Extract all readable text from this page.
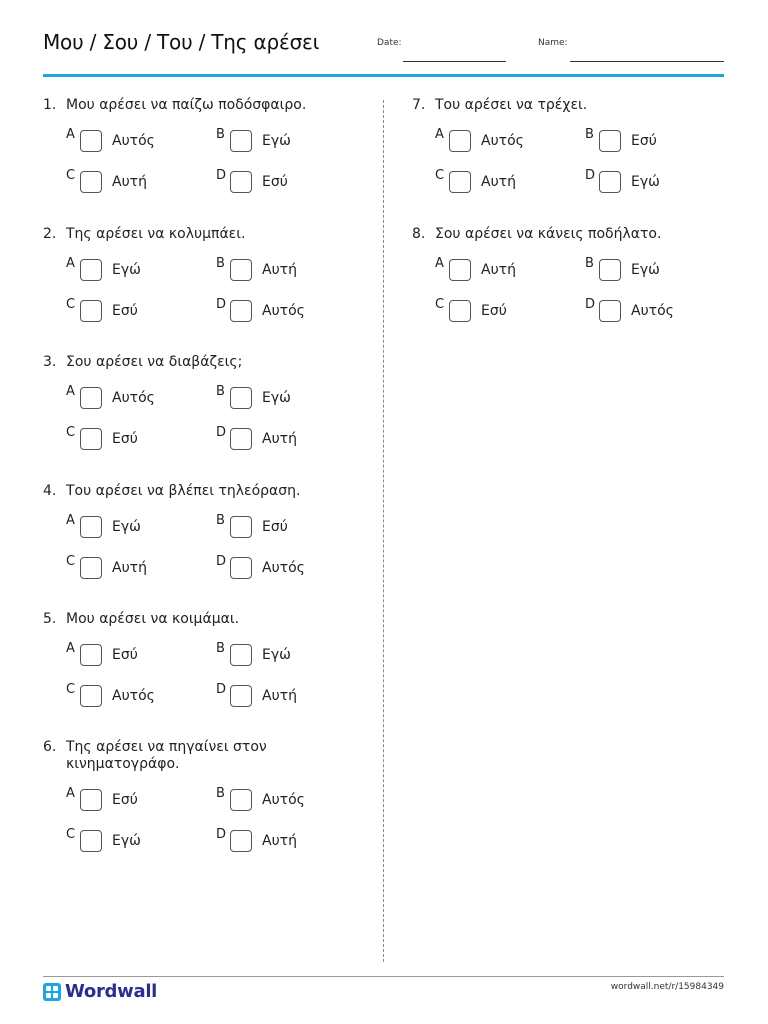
Μου / Σου / Του / Της αρέσει	Date:	Name:
1. Μου αρέσει να παίζω ποδόσφαιρο.
A	Αυτός	B	Εγώ
C	Αυτή	D	Εσύ
2. Της αρέσει να κολυμπάει.
A	Εγώ	B	Αυτή
C	Εσύ	D	Αυτός
3. Σου αρέσει να διαβάζεις;
A	Αυτός	B	Εγώ
C	Εσύ	D	Αυτή
4. Του αρέσει να βλέπει τηλεόραση.
A	Εγώ	B	Εσύ
C	Αυτή	D	Αυτός
5. Μου αρέσει να κοιμάμαι.
A	Εσύ	B	Εγώ
C	Αυτός	D	Αυτή
6. Της αρέσει να πηγαίνει στον κινηματογράφο.
A	Εσύ	B	Αυτός
C	Εγώ	D	Αυτή
7. Του αρέσει να τρέχει.
A	Αυτός	B	Εσύ
C	Αυτή	D	Εγώ
8. Σου αρέσει να κάνεις ποδήλατο.
A	Αυτή	B	Εγώ
C	Εσύ	D	Αυτός
Wordwall	wordwall.net/r/15984349
